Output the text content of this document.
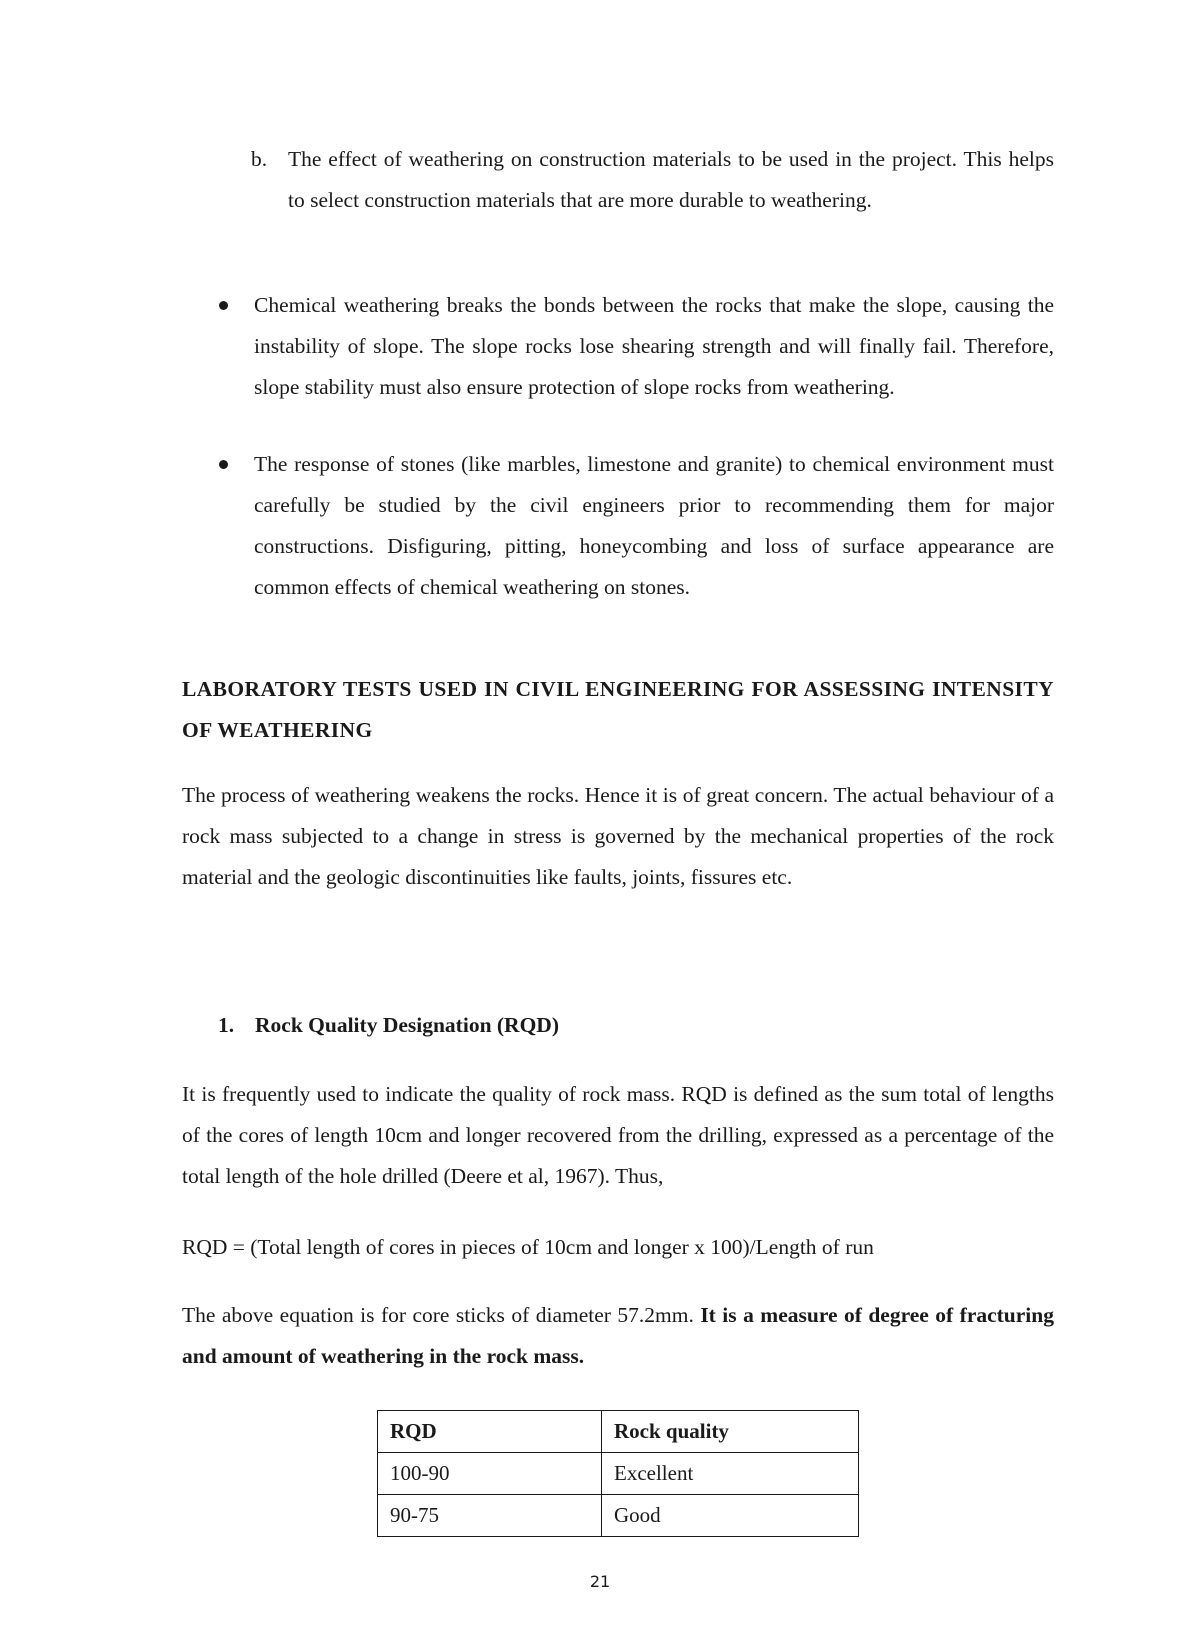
b. The effect of weathering on construction materials to be used in the project. This helps to select construction materials that are more durable to weathering.
Chemical weathering breaks the bonds between the rocks that make the slope, causing the instability of slope. The slope rocks lose shearing strength and will finally fail. Therefore, slope stability must also ensure protection of slope rocks from weathering.
The response of stones (like marbles, limestone and granite) to chemical environment must carefully be studied by the civil engineers prior to recommending them for major constructions. Disfiguring, pitting, honeycombing and loss of surface appearance are common effects of chemical weathering on stones.
LABORATORY TESTS USED IN CIVIL ENGINEERING FOR ASSESSING INTENSITY OF WEATHERING
The process of weathering weakens the rocks. Hence it is of great concern. The actual behaviour of a rock mass subjected to a change in stress is governed by the mechanical properties of the rock material and the geologic discontinuities like faults, joints, fissures etc.
1. Rock Quality Designation (RQD)
It is frequently used to indicate the quality of rock mass. RQD is defined as the sum total of lengths of the cores of length 10cm and longer recovered from the drilling, expressed as a percentage of the total length of the hole drilled (Deere et al, 1967). Thus,
RQD = (Total length of cores in pieces of 10cm and longer x 100)/Length of run
The above equation is for core sticks of diameter 57.2mm. It is a measure of degree of fracturing and amount of weathering in the rock mass.
RQD	Rock quality
100-90	Excellent
90-75	Good
21
